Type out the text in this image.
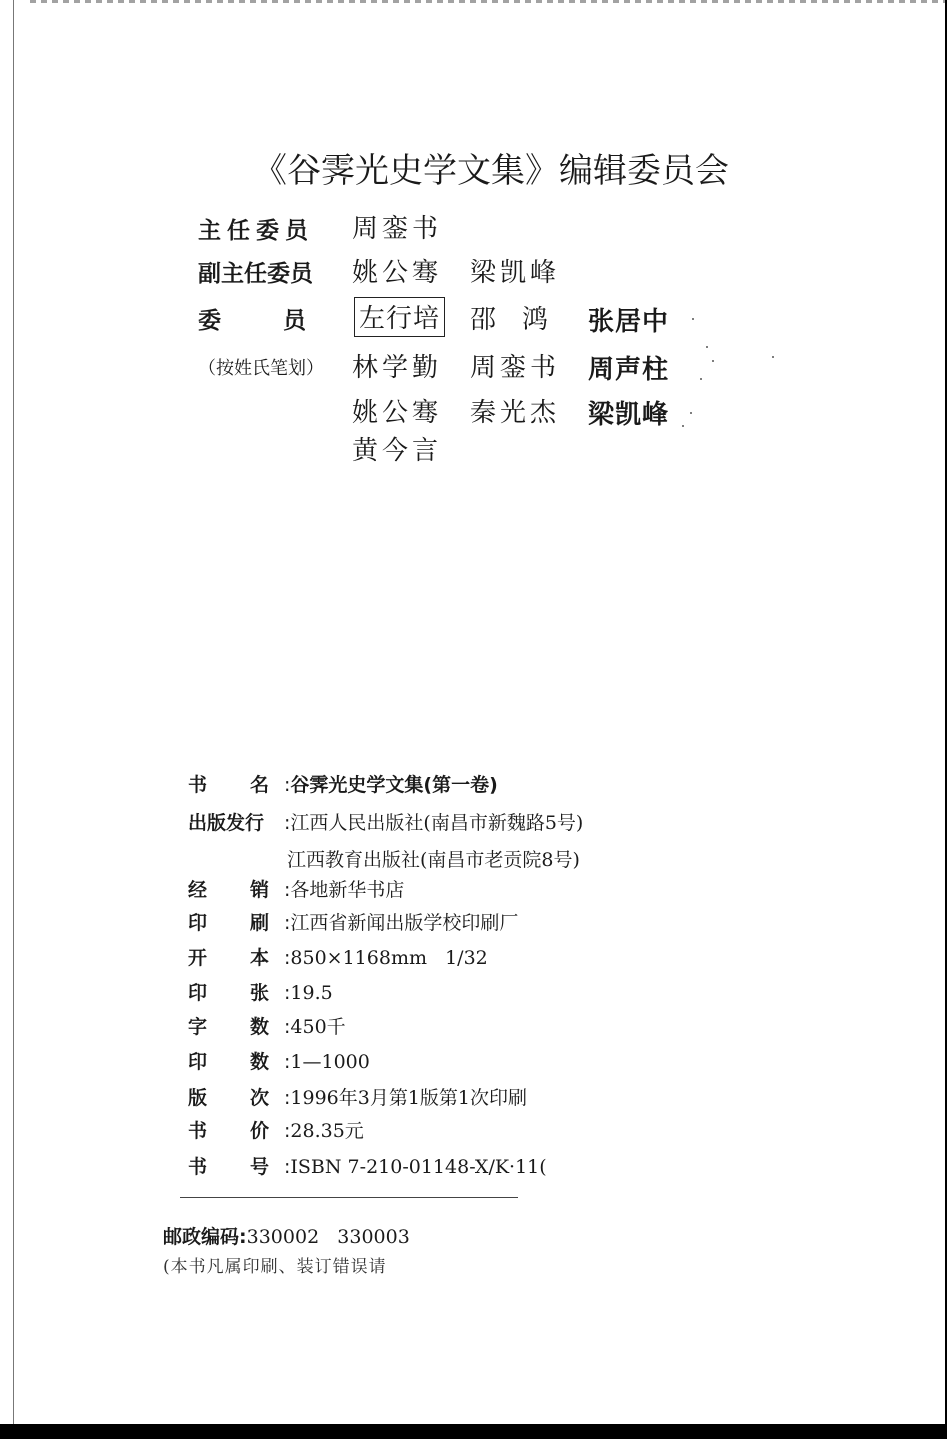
《谷霁光史学文集》编辑委员会
主任委员 周銮书
副主任委员 姚公骞 梁凯峰
委员
左行培 邵鸿 张居中
（按姓氏笔划） 林学勤 周銮书 周声柱
姚公骞 秦光杰 梁凯峰
黄今言
书 名 :谷霁光史学文集(第一卷)
出版发行 :江西人民出版社(南昌市新魏路5号)
江西教育出版社(南昌市老贡院8号)
经 销 :各地新华书店
印 刷 :江西省新闻出版学校印刷厂
开 本 :850×1168mm   1/32
印 张 :19.5
字 数 :450千
印 数 :1—1000
版 次 :1996年3月第1版第1次印刷
书 价 :28.35元
书 号 :ISBN 7-210-01148-X/K·11(
邮政编码:330002   330003
(本书凡属印刷、装订错误请
